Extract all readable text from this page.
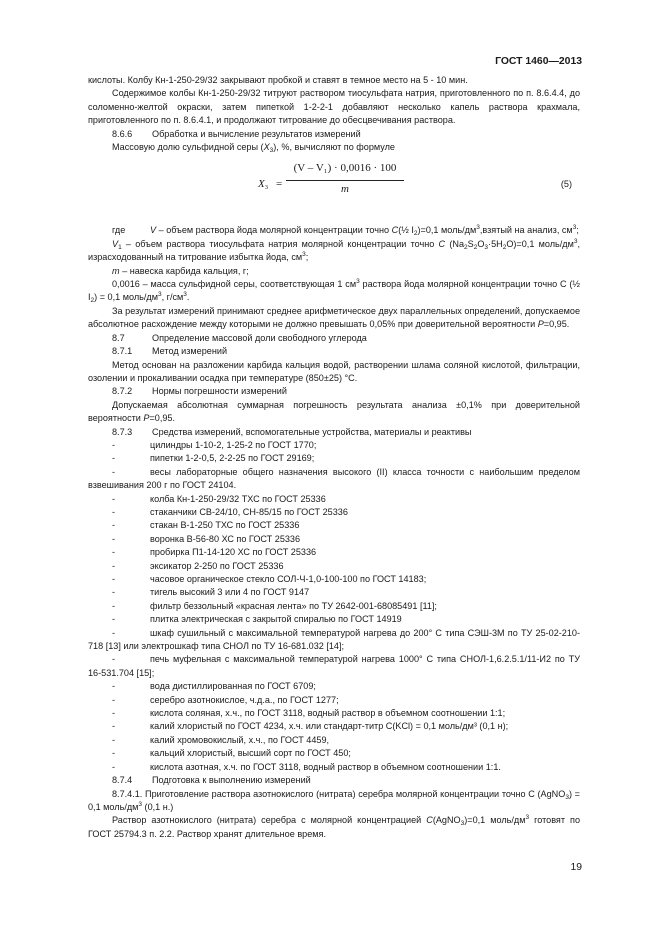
ГОСТ 1460—2013

кислоты. Колбу Кн-1-250-29/32 закрывают пробкой и ставят в темное место на 5 - 10 мин.

Содержимое колбы Кн-1-250-29/32 титруют раствором тиосульфата натрия, приготовленного по п. 8.6.4.4, до соломенно-желтой окраски, затем пипеткой 1-2-2-1 добавляют несколько капель раствора крахмала, приготовленного по п. 8.6.4.1, и продолжают титрование до обесцвечивания раствора.

8.6.6	Обработка и вычисление результатов измерений

Массовую долю сульфидной серы $(X_3)$, %, вычисляют по формуле

$X_3$ =
(V – V₁) · 0,0016 · 100
m	(5)
где	V – объем раствора йода молярной концентрации точно C(½ $I_2)=0,1$ моль/$дм^3,взятый$ на анализ, $см^3$;

$V_1$ – объем раствора тиосульфата натрия молярной концентрации точно C $(Na_2S_2O_3\cdot 5H_2O)=0,1$ моль/$дм^3$, израсходованный на титрование избытка йода, $см^3$;

m – навеска карбида кальция, г;

0,0016 – масса сульфидной серы, соответствующая 1 $см^3$ раствора йода молярной концентрации точно С (½ $I_2) = 0,1$ моль/$дм^3$, $г/см^3$.

За результат измерений принимают среднее арифметическое двух параллельных определений, допускаемое абсолютное расхождение между которыми не должно превышать 0,05% при доверительной вероятности P=0,95.

8.7	Определение массовой доли свободного углерода
8.7.1	Метод измерений

Метод основан на разложении карбида кальция водой, растворении шлама соляной кислотой, фильтрации, озолении и прокаливании осадка при температуре (850±25) °С.

8.7.2	Нормы погрешности измерений

Допускаемая абсолютная суммарная погрешность результата анализа ±0,1% при доверительной вероятности P=0,95.

8.7.3	Средства измерений, вспомогательные устройства, материалы и реактивы

-	цилиндры 1-10-2, 1-25-2 по ГОСТ 1770;

-	пипетки 1-2-0,5, 2-2-25 по ГОСТ 29169;

-	весы лабораторные общего назначения высокого (II) класса точности с наибольшим пределом взвешивания 200 г по ГОСТ 24104.

-	колба Кн-1-250-29/32 ТХС по ГОСТ 25336

-	стаканчики СВ-24/10, СН-85/15 по ГОСТ 25336

-	стакан В-1-250 ТХС по ГОСТ 25336

-	воронка В-56-80 ХС по ГОСТ 25336

-	пробирка П1-14-120 ХС по ГОСТ 25336

-	эксикатор 2-250 по ГОСТ 25336

-	часовое органическое стекло СОЛ-Ч-1,0-100-100 по ГОСТ 14183;

-	тигель высокий 3 или 4 по ГОСТ 9147

-	фильтр беззольный «красная лента» по ТУ 2642-001-68085491 [11];

-	плитка электрическая с закрытой спиралью по ГОСТ 14919

-	шкаф сушильный с максимальной температурой нагрева до 200° С типа СЭШ-3М по ТУ 25-02-210-718 [13] или электрошкаф типа СНОЛ по ТУ 16-681.032 [14];

-	печь муфельная с максимальной температурой нагрева 1000° С типа СНОЛ-1,6.2.5.1/11-И2 по ТУ 16-531.704 [15];

-	вода дистиллированная по ГОСТ 6709;

-	серебро азотнокислое, ч.д.а., по ГОСТ 1277;

-	кислота соляная, х.ч., по ГОСТ 3118, водный раствор в объемном соотношении 1:1;

-	калий хлористый по ГОСТ 4234, х.ч. или стандарт-титр С(KCl) = 0,1 моль/дм³ (0,1 н);

-	калий хромовокислый, х.ч., по ГОСТ 4459,

-	кальций хлористый, высший сорт по ГОСТ 450;

-	кислота азотная, х.ч. по ГОСТ 3118, водный раствор в объемном соотношении 1:1.

8.7.4	Подготовка к выполнению измерений

8.7.4.1. Приготовление раствора азотнокислого (нитрата) серебра молярной концентрации точно С (AgNO$_3$) = 0,1 моль/$дм^3$ (0,1 н.)

Раствор азотнокислого (нитрата) серебра с молярной концентрацией C(AgNO$_3$)=0,1 моль/$дм^3$ готовят по ГОСТ 25794.3 п. 2.2. Раствор хранят длительное время.

19
